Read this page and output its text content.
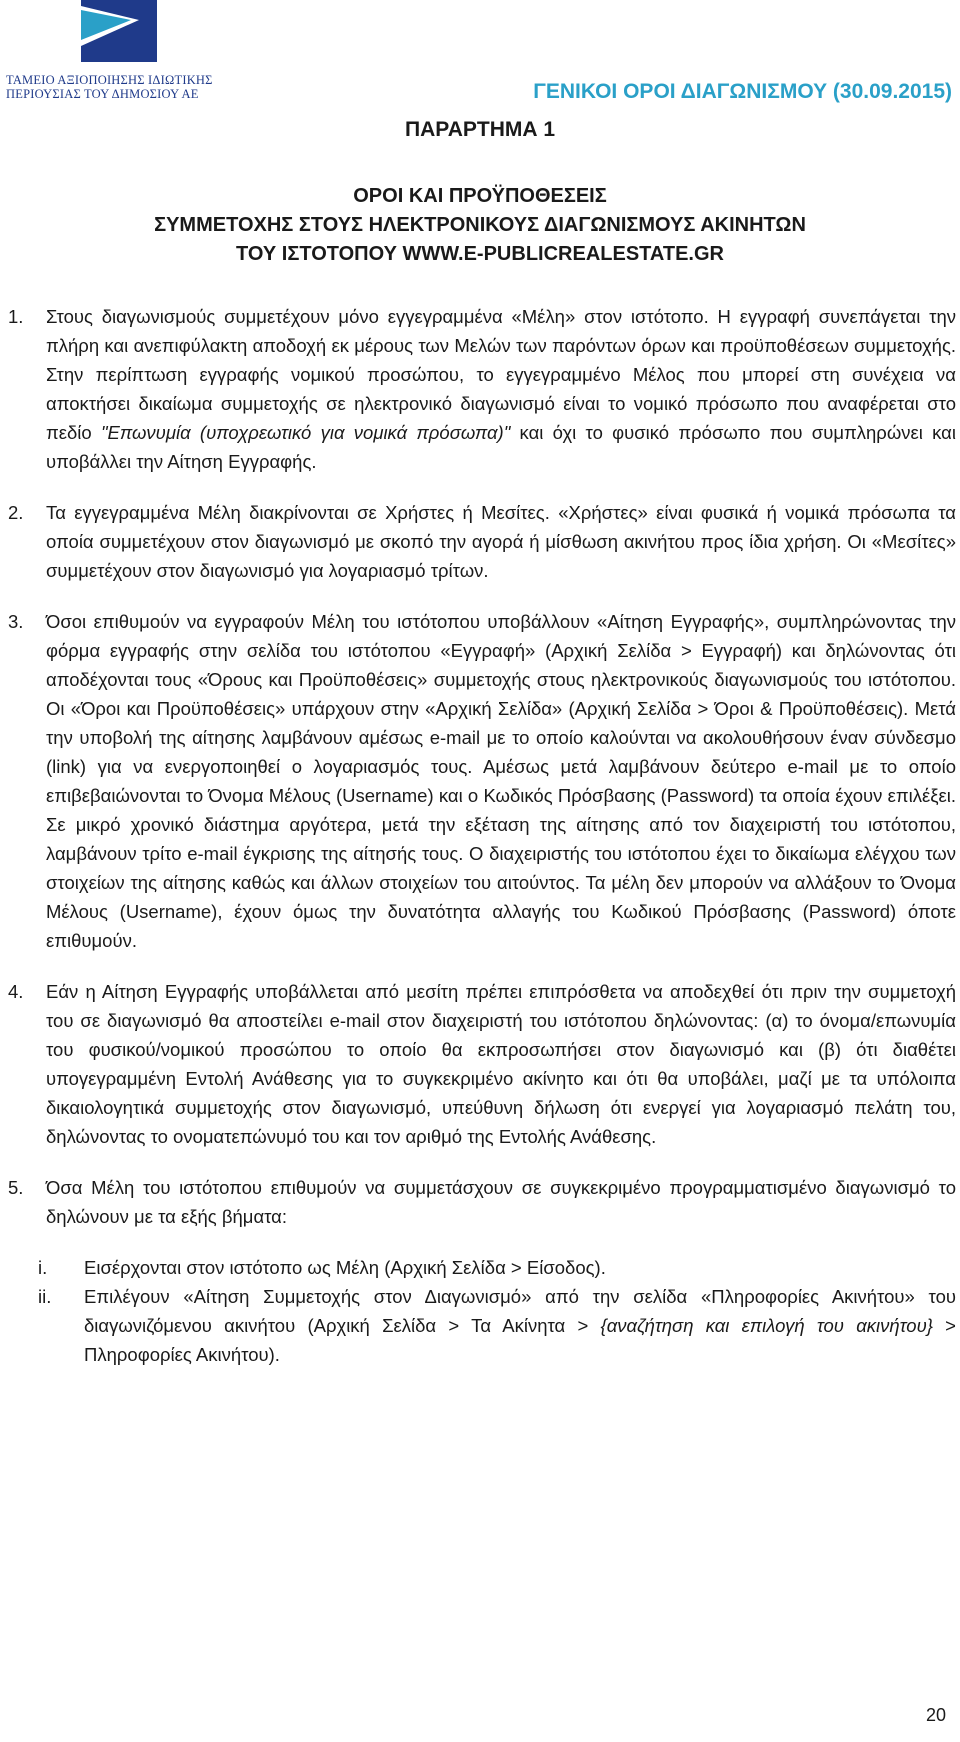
ΤΑΜΕΙΟ ΑΞΙΟΠΟΙΗΣΗΣ ΙΔΙΩΤΙΚΗΣ
ΠΕΡΙΟΥΣΙΑΣ ΤΟΥ ΔΗΜΟΣΙΟΥ ΑΕ	ΓΕΝΙΚΟΙ ΟΡΟΙ ΔΙΑΓΩΝΙΣΜΟΥ (30.09.2015)
ΠΑΡΑΡΤΗΜΑ 1
ΟΡΟΙ ΚΑΙ ΠΡΟΫΠΟΘΕΣΕΙΣ
ΣΥΜΜΕΤΟΧΗΣ ΣΤΟΥΣ ΗΛΕΚΤΡΟΝΙΚΟΥΣ ΔΙΑΓΩΝΙΣΜΟΥΣ ΑΚΙΝΗΤΩΝ
ΤΟΥ ΙΣΤΟΤΟΠΟΥ WWW.E-PUBLICREALESTATE.GR
1. Στους διαγωνισμούς συμμετέχουν μόνο εγγεγραμμένα «Μέλη» στον ιστότοπο. Η εγγραφή συνεπάγεται την πλήρη και ανεπιφύλακτη αποδοχή εκ μέρους των Μελών των παρόντων όρων και προϋποθέσεων συμμετοχής. Στην περίπτωση εγγραφής νομικού προσώπου, το εγγεγραμμένο Μέλος που μπορεί στη συνέχεια να αποκτήσει δικαίωμα συμμετοχής σε ηλεκτρονικό διαγωνισμό είναι το νομικό πρόσωπο που αναφέρεται στο πεδίο "Επωνυμία (υποχρεωτικό για νομικά πρόσωπα)" και όχι το φυσικό πρόσωπο που συμπληρώνει και υποβάλλει την Αίτηση Εγγραφής.
2. Τα εγγεγραμμένα Μέλη διακρίνονται σε Χρήστες ή Μεσίτες. «Χρήστες» είναι φυσικά ή νομικά πρόσωπα τα οποία συμμετέχουν στον διαγωνισμό με σκοπό την αγορά ή μίσθωση ακινήτου προς ίδια χρήση. Οι «Μεσίτες» συμμετέχουν στον διαγωνισμό για λογαριασμό τρίτων.
3. Όσοι επιθυμούν να εγγραφούν Μέλη του ιστότοπου υποβάλλουν «Αίτηση Εγγραφής», συμπληρώνοντας την φόρμα εγγραφής στην σελίδα του ιστότοπου «Εγγραφή» (Αρχική Σελίδα > Εγγραφή) και δηλώνοντας ότι αποδέχονται τους «Όρους και Προϋποθέσεις» συμμετοχής στους ηλεκτρονικούς διαγωνισμούς του ιστότοπου. Οι «Όροι και Προϋποθέσεις» υπάρχουν στην «Αρχική Σελίδα» (Αρχική Σελίδα > Όροι & Προϋποθέσεις). Μετά την υποβολή της αίτησης λαμβάνουν αμέσως e-mail με το οποίο καλούνται να ακολουθήσουν έναν σύνδεσμο (link) για να ενεργοποιηθεί ο λογαριασμός τους. Αμέσως μετά λαμβάνουν δεύτερο e-mail με το οποίο επιβεβαιώνονται το Όνομα Μέλους (Username) και ο Κωδικός Πρόσβασης (Password) τα οποία έχουν επιλέξει. Σε μικρό χρονικό διάστημα αργότερα, μετά την εξέταση της αίτησης από τον διαχειριστή του ιστότοπου, λαμβάνουν τρίτο e-mail έγκρισης της αίτησής τους. Ο διαχειριστής του ιστότοπου έχει το δικαίωμα ελέγχου των στοιχείων της αίτησης καθώς και άλλων στοιχείων του αιτούντος. Τα μέλη δεν μπορούν να αλλάξουν το Όνομα Μέλους (Username), έχουν όμως την δυνατότητα αλλαγής του Κωδικού Πρόσβασης (Password) όποτε επιθυμούν.
4. Εάν η Αίτηση Εγγραφής υποβάλλεται από μεσίτη πρέπει επιπρόσθετα να αποδεχθεί ότι πριν την συμμετοχή του σε διαγωνισμό θα αποστείλει e-mail στον διαχειριστή του ιστότοπου δηλώνοντας: (α) το όνομα/επωνυμία του φυσικού/νομικού προσώπου το οποίο θα εκπροσωπήσει στον διαγωνισμό και (β) ότι διαθέτει υπογεγραμμένη Εντολή Ανάθεσης για το συγκεκριμένο ακίνητο και ότι θα υποβάλει, μαζί με τα υπόλοιπα δικαιολογητικά συμμετοχής στον διαγωνισμό, υπεύθυνη δήλωση ότι ενεργεί για λογαριασμό πελάτη του, δηλώνοντας το ονοματεπώνυμό του και τον αριθμό της Εντολής Ανάθεσης.
5. Όσα Μέλη του ιστότοπου επιθυμούν να συμμετάσχουν σε συγκεκριμένο προγραμματισμένο διαγωνισμό το δηλώνουν με τα εξής βήματα:
i. Εισέρχονται στον ιστότοπο ως Μέλη (Αρχική Σελίδα > Είσοδος).
ii. Επιλέγουν «Αίτηση Συμμετοχής στον Διαγωνισμό» από την σελίδα «Πληροφορίες Ακινήτου» του διαγωνιζόμενου ακινήτου (Αρχική Σελίδα > Τα Ακίνητα > {αναζήτηση και επιλογή του ακινήτου} > Πληροφορίες Ακινήτου).
20
